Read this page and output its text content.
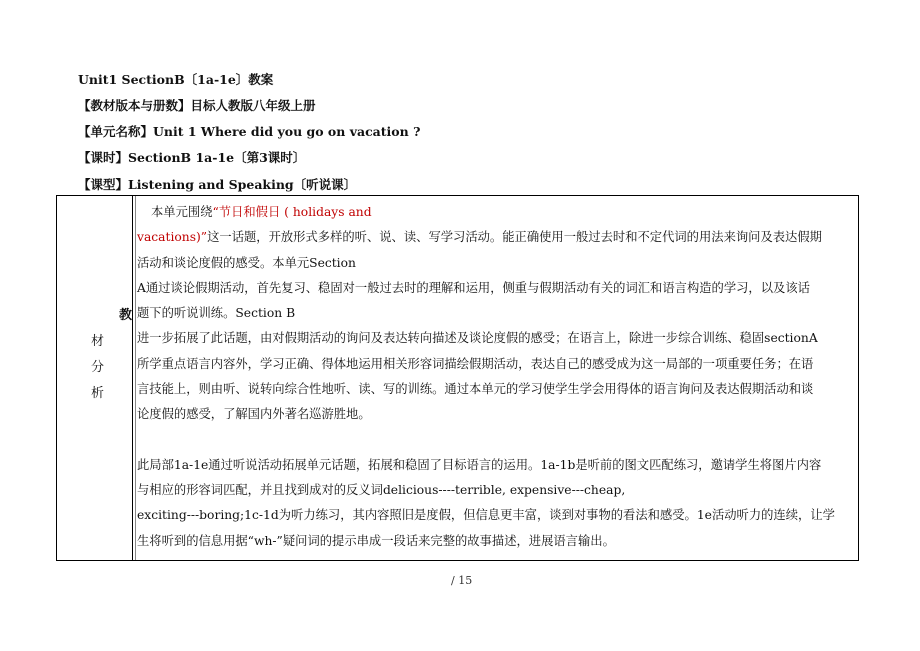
Unit1 SectionB〔1a-1e〕教案
【教材版本与册数】目标人教版八年级上册
【单元名称】Unit 1 Where did you go on vacation ?
【课时】SectionB 1a-1e〔第3课时〕
【课型】Listening and Speaking〔听说课〕
教
材
分
析

本单元围绕“节日和假日 ( holidays and

vacations)”这一话题，开放形式多样的听、说、读、写学习活动。能正确使用一般过去时和不定代词的用法来询问及表达假期

活动和谈论度假的感受。本单元Section

A通过谈论假期活动，首先复习、稳固对一般过去时的理解和运用，侧重与假期活动有关的词汇和语言构造的学习，以及该话

题下的听说训练。Section B

进一步拓展了此话题，由对假期活动的询问及表达转向描述及谈论度假的感受；在语言上，除进一步综合训练、稳固sectionA

所学重点语言内容外，学习正确、得体地运用相关形容词描绘假期活动，表达自己的感受成为这一局部的一项重要任务；在语

言技能上，则由听、说转向综合性地听、读、写的训练。通过本单元的学习使学生学会用得体的语言询问及表达假期活动和谈

论度假的感受，了解国内外著名巡游胜地。

此局部1a-1e通过听说活动拓展单元话题，拓展和稳固了目标语言的运用。1a-1b是听前的图文匹配练习，邀请学生将图片内容

与相应的形容词匹配，并且找到成对的反义词delicious----terrible, expensive---cheap,

exciting---boring;1c-1d为听力练习，其内容照旧是度假，但信息更丰富，谈到对事物的看法和感受。1e活动听力的连续，让学

生将听到的信息用据“wh-”疑问词的提示串成一段话来完整的故事描述，进展语言输出。

/ 15
